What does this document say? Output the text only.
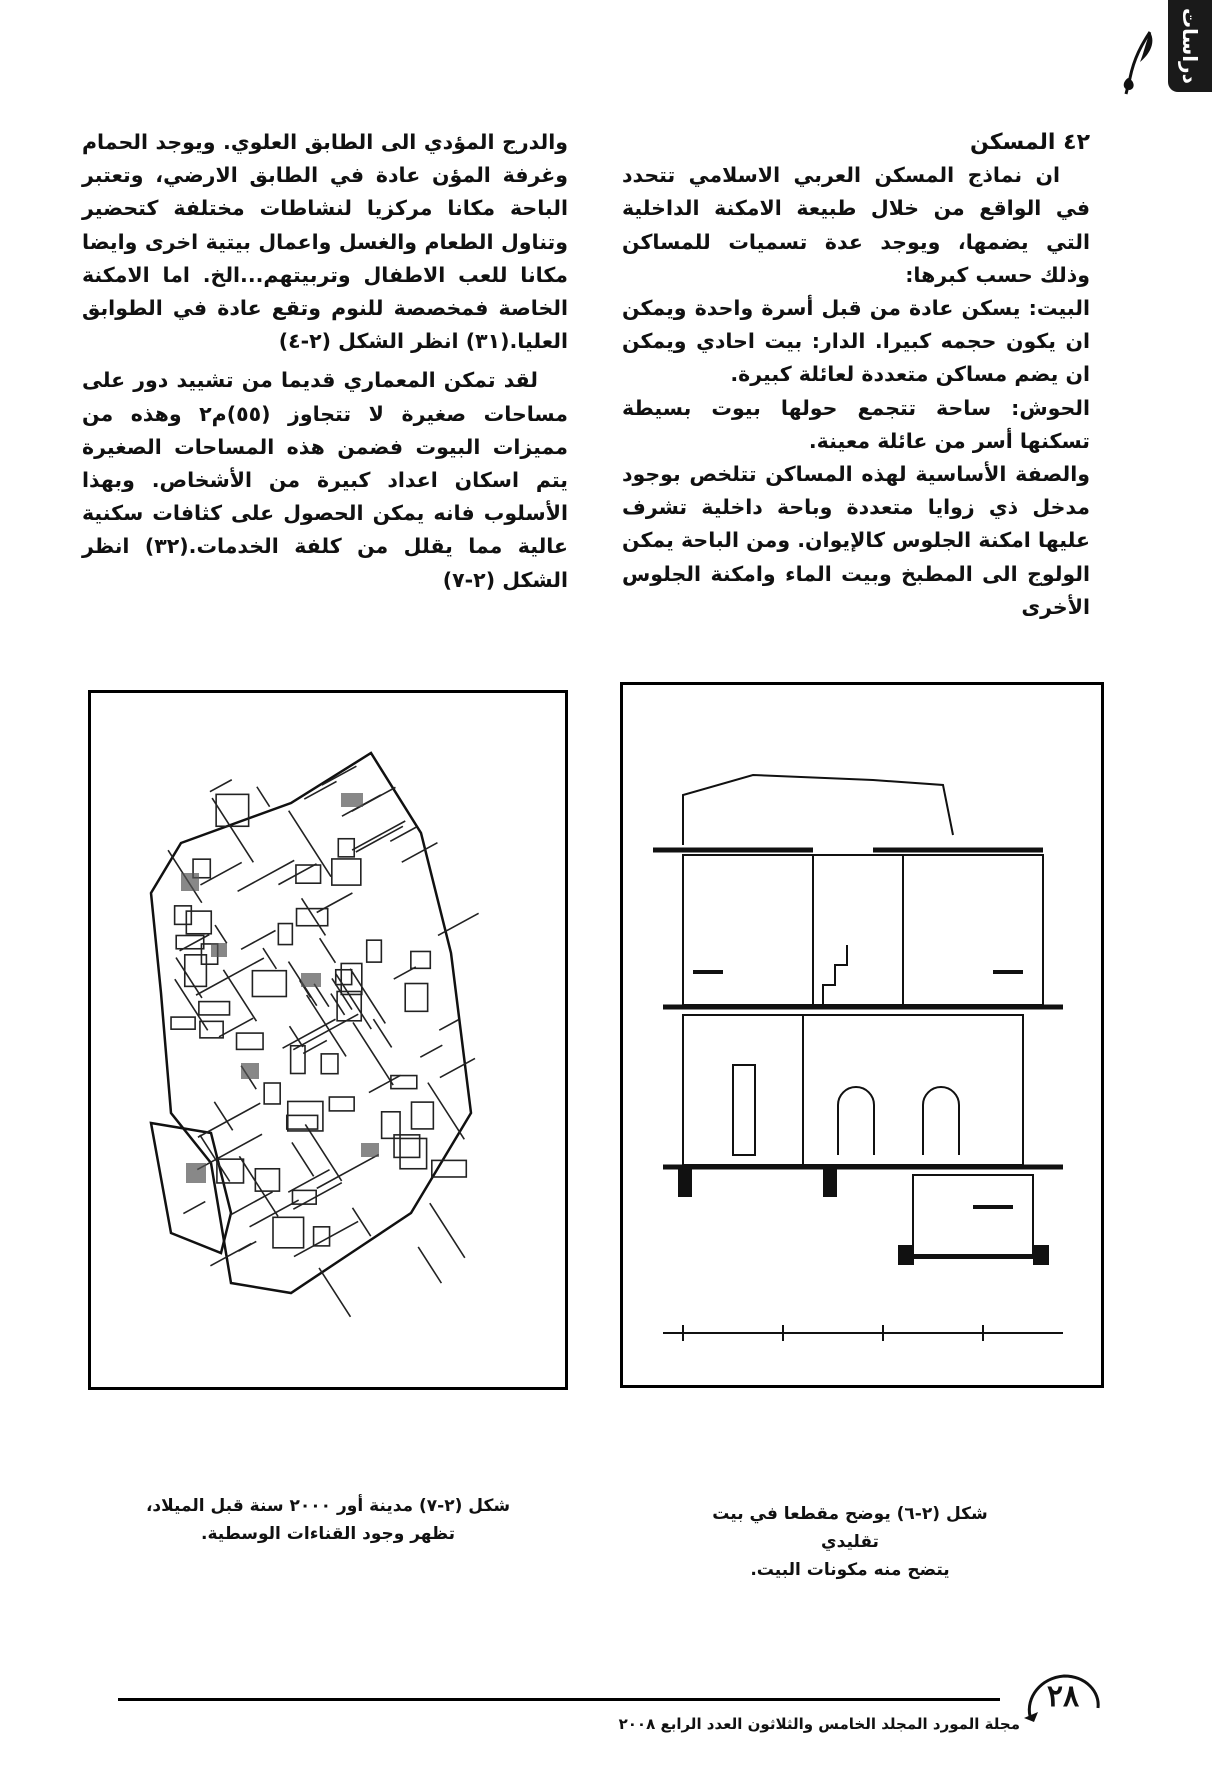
دراسات

٤٢ المسكن

ان نماذج المسكن العربي الاسلامي تتحدد في الواقع من خلال طبيعة الامكنة الداخلية التي يضمها، ويوجد عدة تسميات للمساكن وذلك حسب كبرها:

البيت: يسكن عادة من قبل أسرة واحدة ويمكن ان يكون حجمه كبيرا. الدار: بيت احادي ويمكن ان يضم مساكن متعددة لعائلة كبيرة.

الحوش: ساحة تتجمع حولها بيوت بسيطة تسكنها أسر من عائلة معينة.

والصفة الأساسية لهذه المساكن تتلخص بوجود مدخل ذي زوايا متعددة وباحة داخلية تشرف عليها امكنة الجلوس كالإيوان. ومن الباحة يمكن الولوج الى المطبخ وبيت الماء وامكنة الجلوس الأخرى

والدرج المؤدي الى الطابق العلوي. ويوجد الحمام وغرفة المؤن عادة في الطابق الارضي، وتعتبر الباحة مكانا مركزيا لنشاطات مختلفة كتحضير وتناول الطعام والغسل واعمال بيتية اخرى وايضا مكانا للعب الاطفال وتربيتهم...الخ. اما الامكنة الخاصة فمخصصة للنوم وتقع عادة في الطوابق العليا.(٣١) انظر الشكل (٢-٤)

لقد تمكن المعماري قديما من تشييد دور على مساحات صغيرة لا تتجاوز (٥٥)م٢ وهذه من مميزات البيوت فضمن هذه المساحات الصغيرة يتم اسكان اعداد كبيرة من الأشخاص. وبهذا الأسلوب فانه يمكن الحصول على كثافات سكنية عالية مما يقلل من كلفة الخدمات.(٣٢) انظر الشكل (٢-٧)

شكل (٢-٧) مدينة أور ٢٠٠٠ سنة قبل الميلاد،
تظهر وجود القناءات الوسطية.
شكل (٢-٦) يوضح مقطعا في بيت تقليدي
يتضح منه مكونات البيت.
مجلة المورد المجلد الخامس والثلاثون العدد الرابع ٢٠٠٨
٢٨
